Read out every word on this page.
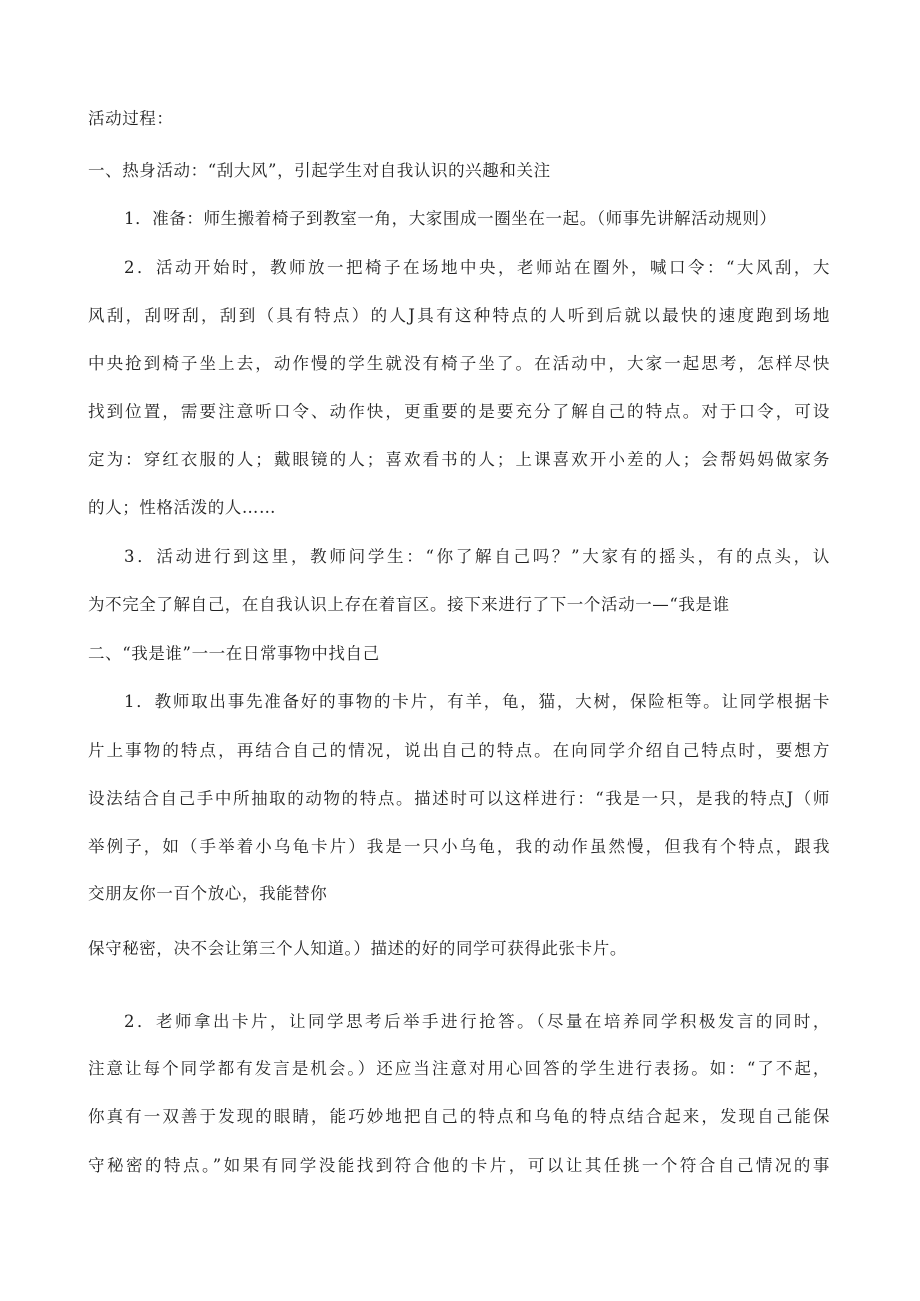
活动过程：
一、热身活动：“刮大风”，引起学生对自我认识的兴趣和关注
1．准备：师生搬着椅子到教室一角，大家围成一圈坐在一起。（师事先讲解活动规则）
2．活动开始时，教师放一把椅子在场地中央，老师站在圈外，喊口令：“大风刮，大
风刮，刮呀刮，刮到（具有特点）的人J具有这种特点的人听到后就以最快的速度跑到场地
中央抢到椅子坐上去，动作慢的学生就没有椅子坐了。在活动中，大家一起思考，怎样尽快
找到位置，需要注意听口令、动作快，更重要的是要充分了解自己的特点。对于口令，可设
定为：穿红衣服的人；戴眼镜的人；喜欢看书的人；上课喜欢开小差的人；会帮妈妈做家务
的人；性格活泼的人……
3．活动进行到这里，教师问学生：“你了解自己吗？”大家有的摇头，有的点头，认
为不完全了解自己，在自我认识上存在着盲区。接下来进行了下一个活动一—“我是谁
二、“我是谁”一一在日常事物中找自己
1．教师取出事先准备好的事物的卡片，有羊，龟，猫，大树，保险柜等。让同学根据卡
片上事物的特点，再结合自己的情况，说出自己的特点。在向同学介绍自己特点时，要想方
设法结合自己手中所抽取的动物的特点。描述时可以这样进行：“我是一只，是我的特点J（师
举例子，如（手举着小乌龟卡片）我是一只小乌龟，我的动作虽然慢，但我有个特点，跟我
交朋友你一百个放心，我能替你
保守秘密，决不会让第三个人知道。）描述的好的同学可获得此张卡片。
2．老师拿出卡片，让同学思考后举手进行抢答。（尽量在培养同学积极发言的同时，
注意让每个同学都有发言是机会。）还应当注意对用心回答的学生进行表扬。如：“了不起，
你真有一双善于发现的眼睛，能巧妙地把自己的特点和乌龟的特点结合起来，发现自己能保
守秘密的特点。”如果有同学没能找到符合他的卡片，可以让其任挑一个符合自己情况的事
